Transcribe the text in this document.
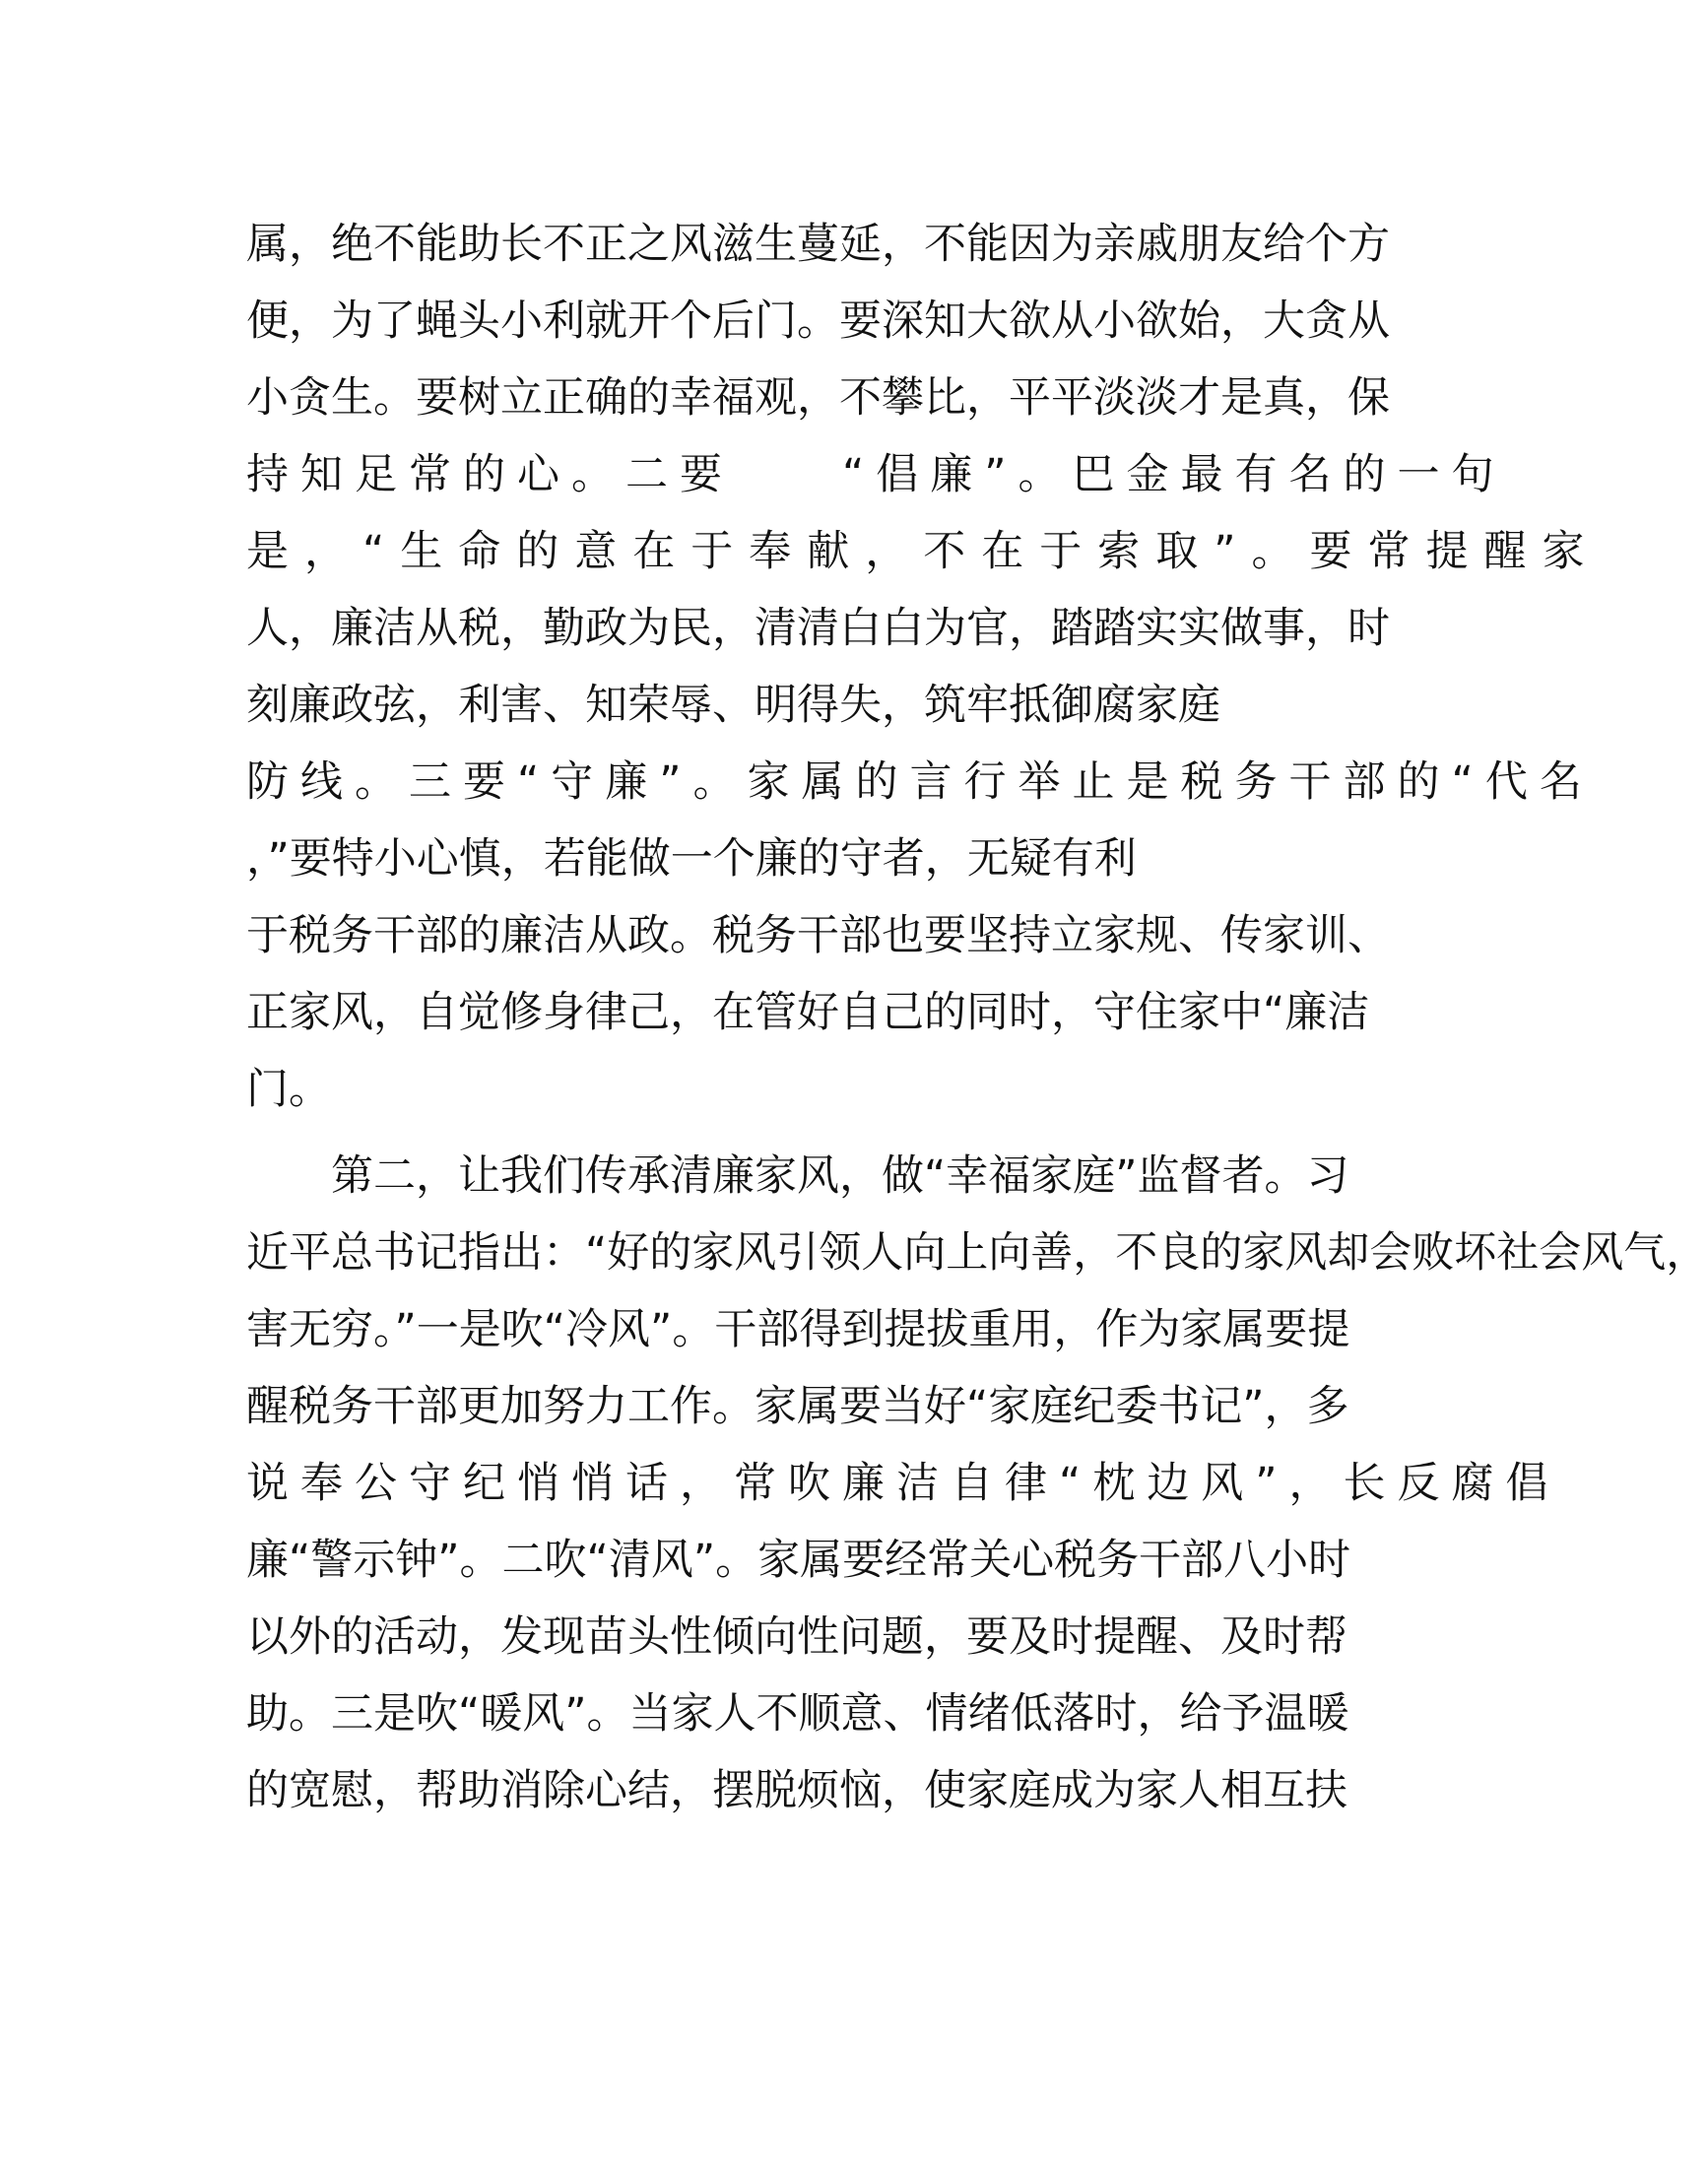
属，绝不能助长不正之风滋生蔓延，不能因为亲戚朋友给个方
便，为了蝇头小利就开个后门。要深知大欲从小欲始，大贪从
小贪生。要树立正确的幸福观，不攀比，平平淡淡才是真，保
持知足常的心。二要　　“倡廉”。巴金最有名的一句
是，“生命的意在于奉献，不在于索取”。要常提醒家
人，廉洁从税，勤政为民，清清白白为官，踏踏实实做事，时
刻廉政弦，利害、知荣辱、明得失，筑牢抵御腐家庭
防线。三要“守廉”。家属的言行举止是税务干部的“代名
，”要特小心慎，若能做一个廉的守者，无疑有利
于税务干部的廉洁从政。税务干部也要坚持立家规、传家训、
正家风，自觉修身律己，在管好自己的同时，守住家中“廉洁
门。
　　第二，让我们传承清廉家风，做“幸福家庭”监督者。习
近平总书记指出：“好的家风引领人向上向善，不良的家风却会败坏社会风气，
害无穷。”一是吹“冷风”。干部得到提拔重用，作为家属要提
醒税务干部更加努力工作。家属要当好“家庭纪委书记”，多
说奉公守纪悄悄话，常吹廉洁自律“枕边风”，长反腐倡
廉“警示钟”。二吹“清风”。家属要经常关心税务干部八小时
以外的活动，发现苗头性倾向性问题，要及时提醒、及时帮
助。三是吹“暖风”。当家人不顺意、情绪低落时，给予温暖
的宽慰，帮助消除心结，摆脱烦恼，使家庭成为家人相互扶
